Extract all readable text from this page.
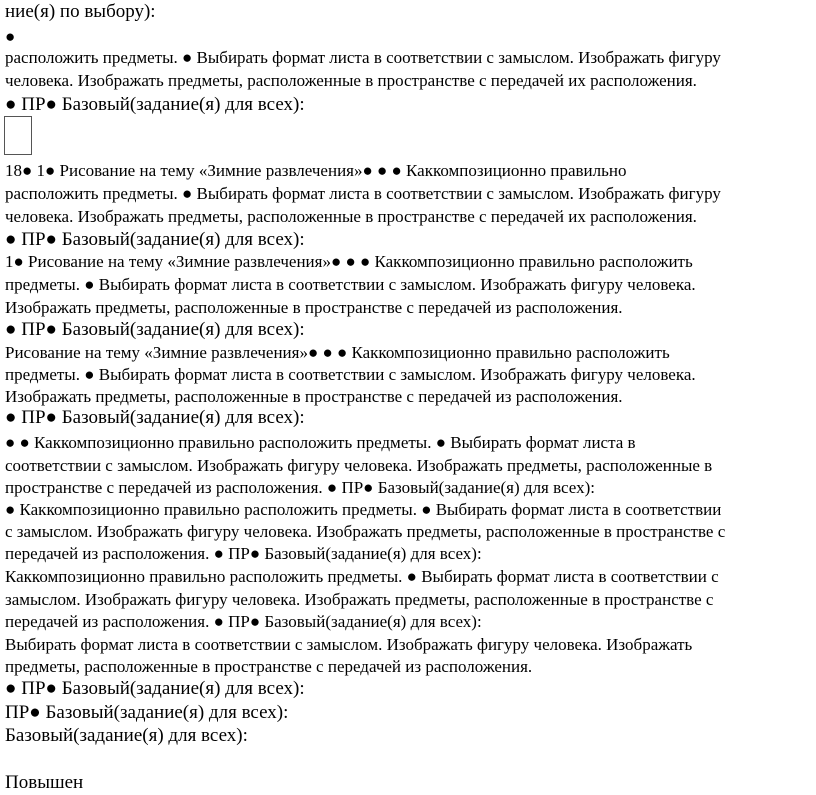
ние(я) по выбору):

●

расположить предметы. ● Выбирать формат листа в соответствии с замыслом. Изображать фигуру

человека. Изображать предметы, расположенные в пространстве с передачей их расположения.

● ПР● Базовый(задание(я) для всех):

18● 1● Рисование на тему «Зимние развлечения»● ● ● Каккомпозиционно правильно

расположить предметы. ● Выбирать формат листа в соответствии с замыслом. Изображать фигуру

человека. Изображать предметы, расположенные в пространстве с передачей их расположения.

● ПР● Базовый(задание(я) для всех):

1● Рисование на тему «Зимние развлечения»● ● ● Каккомпозиционно правильно расположить

предметы. ● Выбирать формат листа в соответствии с замыслом. Изображать фигуру человека.

Изображать предметы, расположенные в пространстве с передачей из расположения.

● ПР● Базовый(задание(я) для всех):

Рисование на тему «Зимние развлечения»● ● ● Каккомпозиционно правильно расположить

предметы. ● Выбирать формат листа в соответствии с замыслом. Изображать фигуру человека.

Изображать предметы, расположенные в пространстве с передачей из расположения.

● ПР● Базовый(задание(я) для всех):

● ● Каккомпозиционно правильно расположить предметы. ● Выбирать формат листа в

соответствии с замыслом. Изображать фигуру человека. Изображать предметы, расположенные в

пространстве с передачей из расположения. ● ПР● Базовый(задание(я) для всех):

● Каккомпозиционно правильно расположить предметы. ● Выбирать формат листа в соответствии

с замыслом. Изображать фигуру человека. Изображать предметы, расположенные в пространстве с

передачей из расположения. ● ПР● Базовый(задание(я) для всех):

Каккомпозиционно правильно расположить предметы. ● Выбирать формат листа в соответствии с

замыслом. Изображать фигуру человека. Изображать предметы, расположенные в пространстве с

передачей из расположения. ● ПР● Базовый(задание(я) для всех):

Выбирать формат листа в соответствии с замыслом. Изображать фигуру человека. Изображать

предметы, расположенные в пространстве с передачей из расположения.

● ПР● Базовый(задание(я) для всех):

ПР● Базовый(задание(я) для всех):

Базовый(задание(я) для всех):

Повышен
